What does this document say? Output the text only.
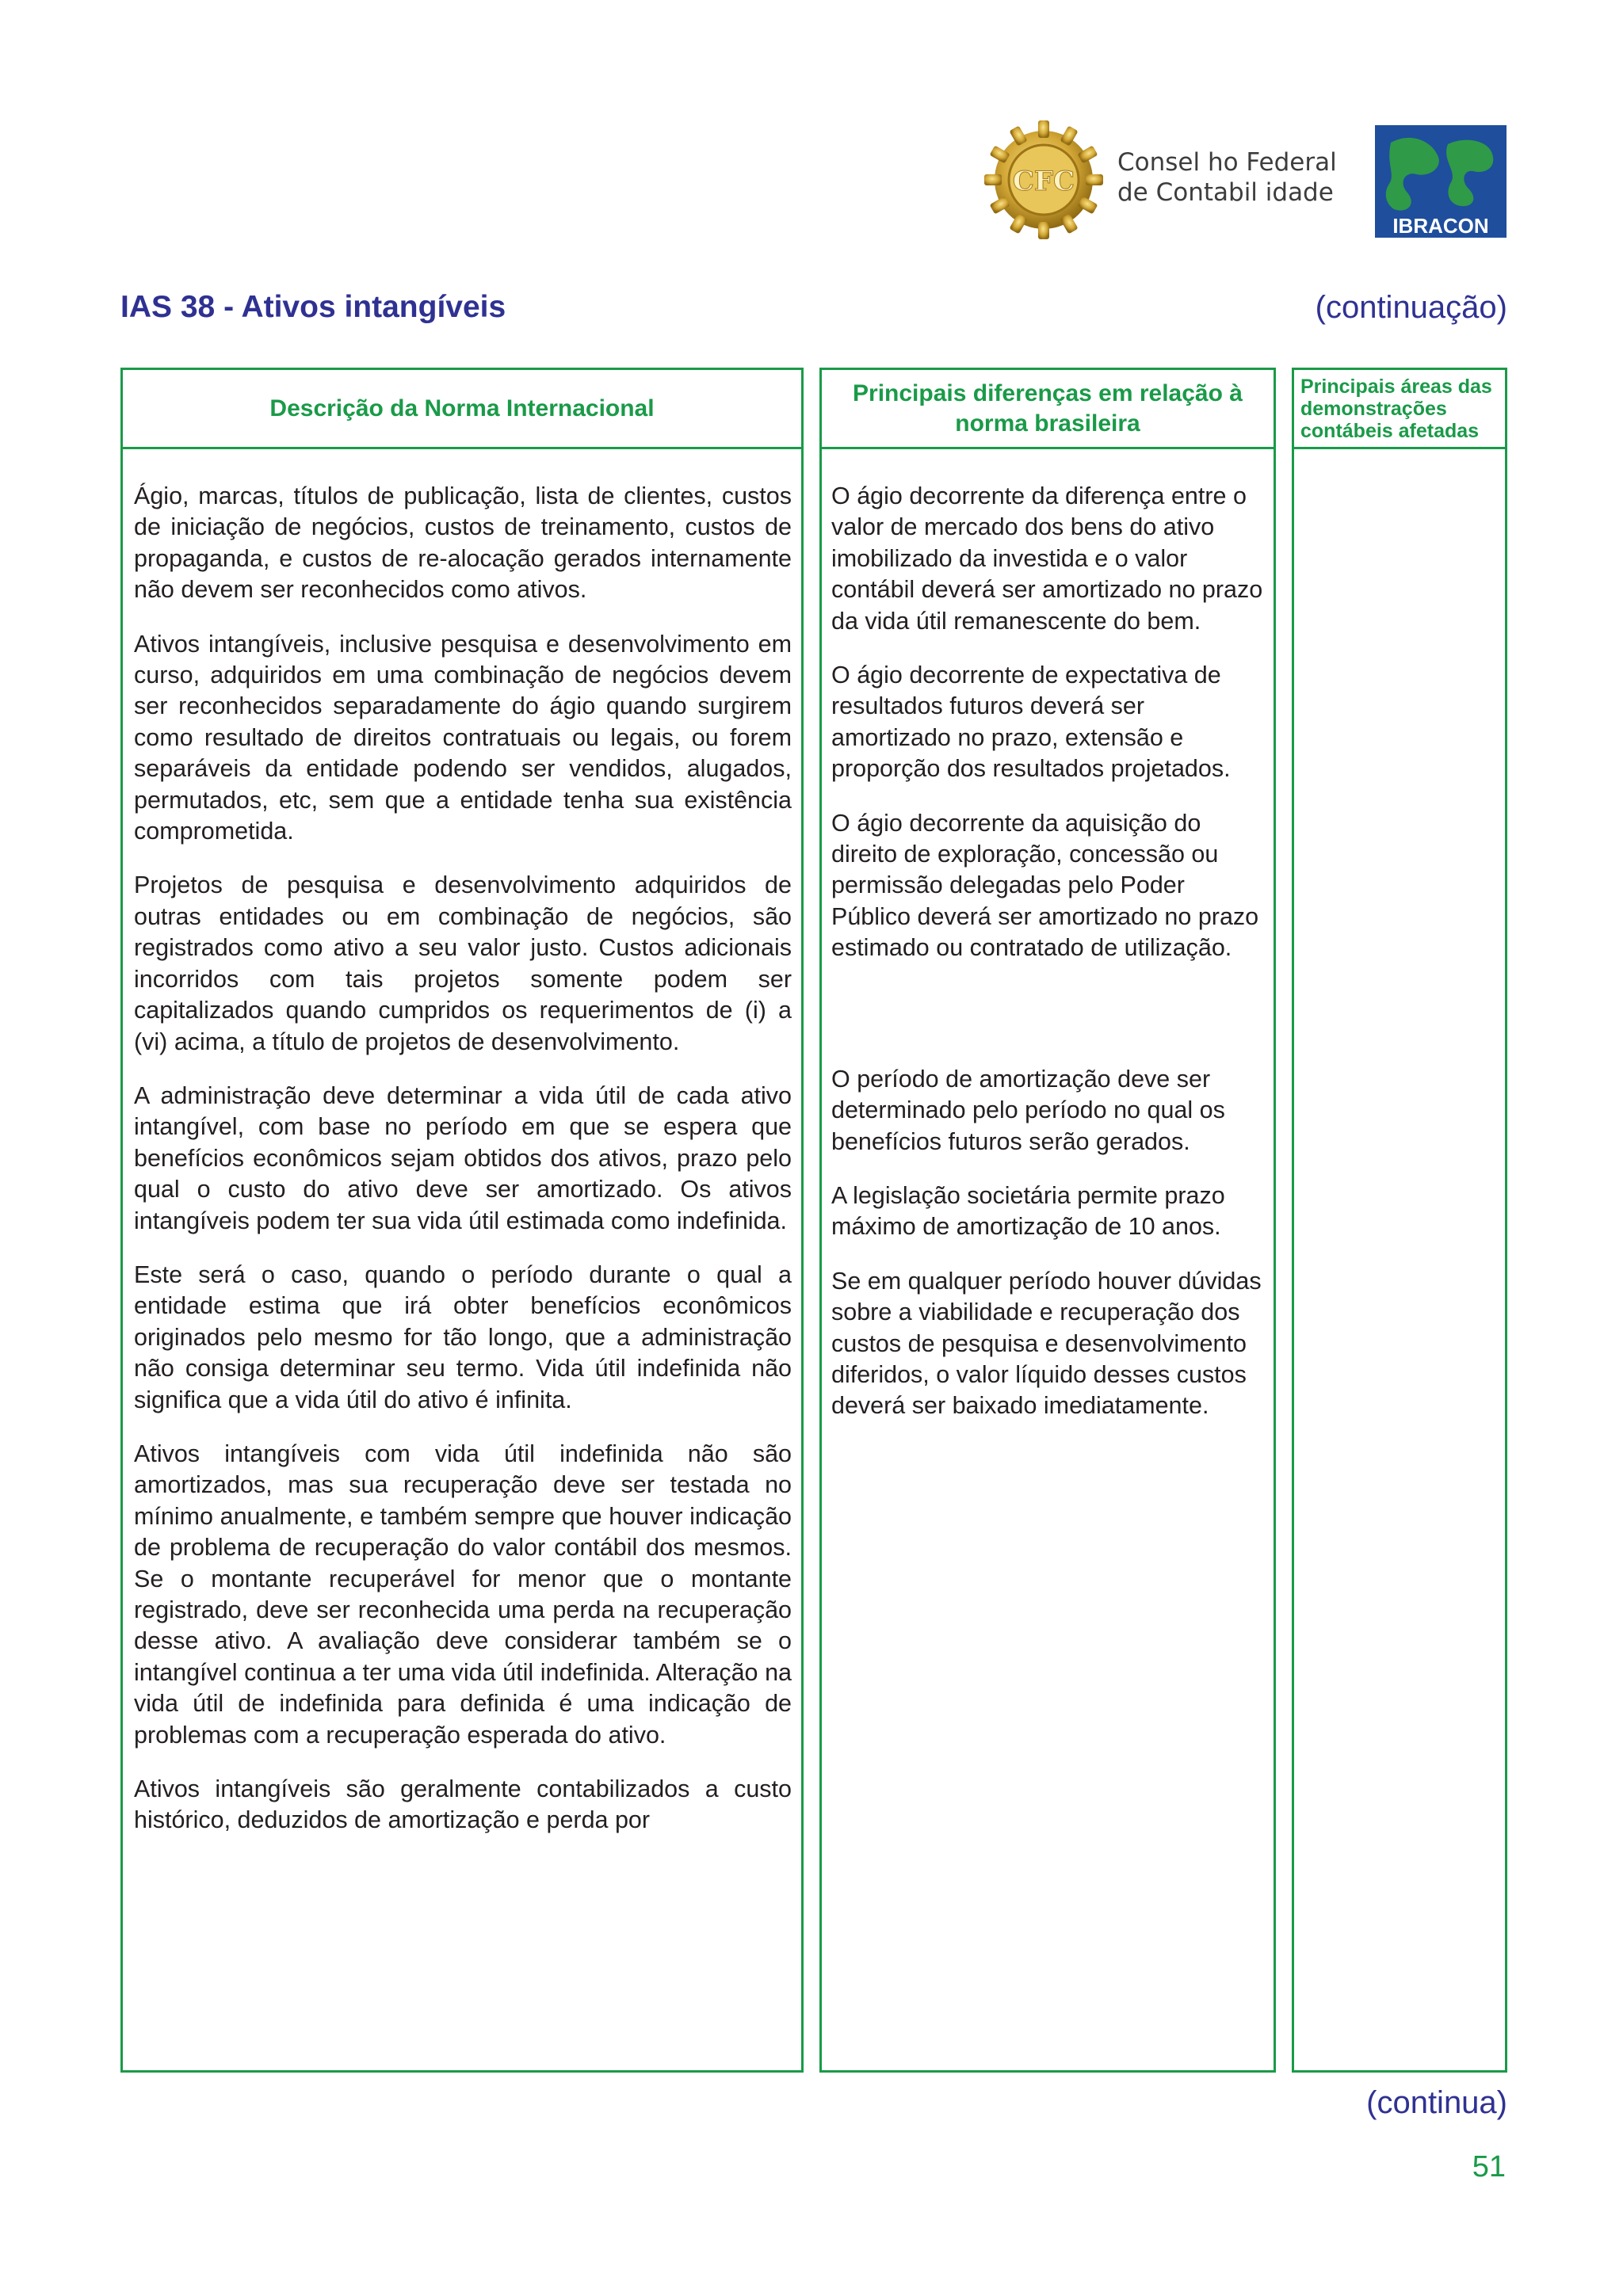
CFC
Consel ho Federal
de Contabil idade
IBRACON
IAS 38 - Ativos intangíveis	(continuação)
Descrição da Norma Internacional

Ágio, marcas, títulos de publicação, lista de clientes, custos de iniciação de negócios, custos de treinamento, custos de propaganda, e custos de re-alocação gerados internamente não devem ser reconhecidos como ativos.

Ativos intangíveis, inclusive pesquisa e desenvolvimento em curso, adquiridos em uma combinação de negócios devem ser reconhecidos separadamente do ágio quando surgirem como resultado de direitos contratuais ou legais, ou forem separáveis da entidade podendo ser vendidos, alugados, permutados, etc, sem que a entidade tenha sua existência comprometida.

Projetos de pesquisa e desenvolvimento adquiridos de outras entidades ou em combinação de negócios, são registrados como ativo a seu valor justo. Custos adicionais incorridos com tais projetos somente podem ser capitalizados quando cumpridos os requerimentos de (i) a (vi) acima, a título de projetos de desenvolvimento.

A administração deve determinar a vida útil de cada ativo intangível, com base no período em que se espera que benefícios econômicos sejam obtidos dos ativos, prazo pelo qual o custo do ativo deve ser amortizado. Os ativos intangíveis podem ter sua vida útil estimada como indefinida.

Este será o caso, quando o período durante o qual a entidade estima que irá obter benefícios econômicos originados pelo mesmo for tão longo, que a administração não consiga determinar seu termo. Vida útil indefinida não significa que a vida útil do ativo é infinita.

Ativos intangíveis com vida útil indefinida não são amortizados, mas sua recuperação deve ser testada no mínimo anualmente, e também sempre que houver indicação de problema de recuperação do valor contábil dos mesmos. Se o montante recuperável for menor que o montante registrado, deve ser reconhecida uma perda na recuperação desse ativo. A avaliação deve considerar também se o intangível continua a ter uma vida útil indefinida. Alteração na vida útil de indefinida para definida é uma indicação de problemas com a recuperação esperada do ativo.

Ativos intangíveis são geralmente contabilizados a custo histórico, deduzidos de amortização e perda por

Principais diferenças em relação à norma brasileira

O ágio decorrente da diferença entre o valor de mercado dos bens do ativo imobilizado da investida e o valor contábil deverá ser amortizado no prazo da vida útil remanescente do bem.

O ágio decorrente de expectativa de resultados futuros deverá ser amortizado no prazo, extensão e proporção dos resultados projetados.

O ágio decorrente da aquisição do direito de exploração, concessão ou permissão delegadas pelo Poder Público deverá ser amortizado no prazo estimado ou contratado de utilização.

O período de amortização deve ser determinado pelo período no qual os benefícios futuros serão gerados.

A legislação societária permite prazo máximo de amortização de 10 anos.

Se em qualquer período houver dúvidas sobre a viabilidade e recuperação dos custos de pesquisa e desenvolvimento diferidos, o valor líquido desses custos deverá ser baixado imediatamente.

Principais áreas das demonstrações contábeis afetadas
(continua)
51
